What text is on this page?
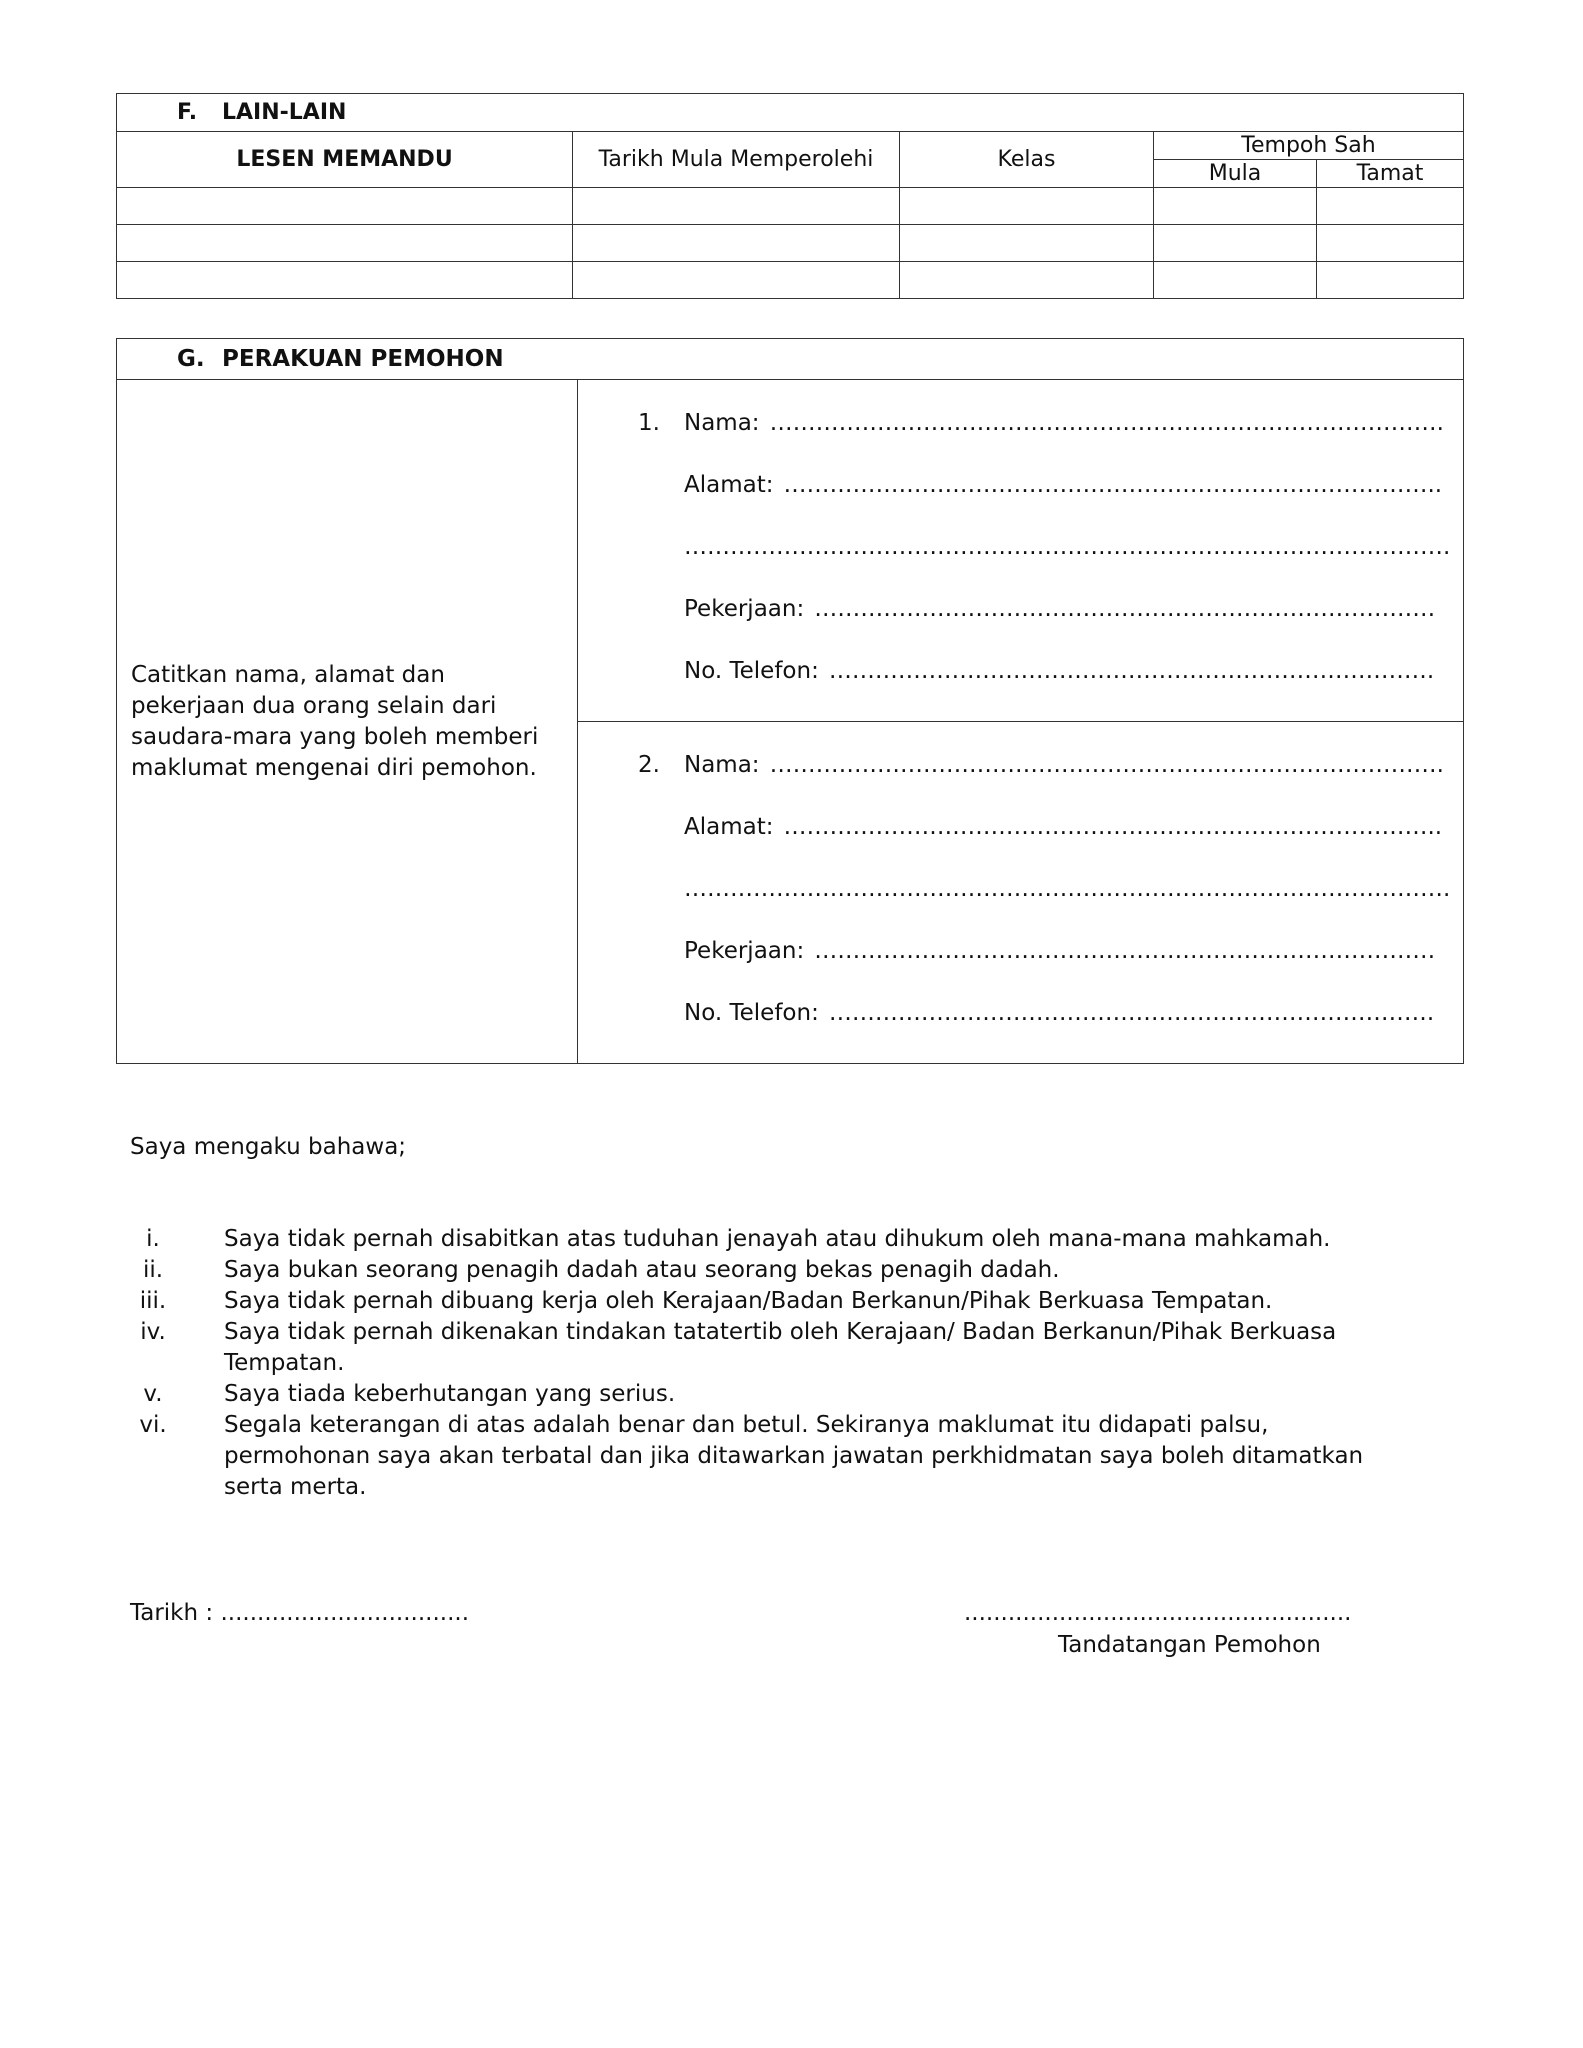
F. LAIN-LAIN				
LESEN MEMANDU	Tarikh Mula Memperolehi	Kelas	Tempoh Sah	
			Mula	Tamat

G. PERAKUAN PEMOHON
Catitkan nama, alamat dan pekerjaan dua orang selain dari saudara-mara yang boleh memberi maklumat mengenai diri pemohon.	
1. Nama: …………………………………………………………………………….
Alamat: …………………………………………………………………………..
……………………………………………………………………………………….
Pekerjaan: ………………………………………………………………………
No. Telefon: …………………………………………………………………….

2. Nama: …………………………………………………………………………….
Alamat: …………………………………………………………………………..
……………………………………………………………………………………….
Pekerjaan: ………………………………………………………………………
No. Telefon: …………………………………………………………………….
Saya mengaku bahawa;
i.	Saya tidak pernah disabitkan atas tuduhan jenayah atau dihukum oleh mana-mana mahkamah.
ii.	Saya bukan seorang penagih dadah atau seorang bekas penagih dadah.
iii.	Saya tidak pernah dibuang kerja oleh Kerajaan/Badan Berkanun/Pihak Berkuasa Tempatan.
iv.	Saya tidak pernah dikenakan tindakan tatatertib oleh Kerajaan/ Badan Berkanun/Pihak Berkuasa Tempatan.
v.	Saya tiada keberhutangan yang serius.
vi.	Segala keterangan di atas adalah benar dan betul. Sekiranya maklumat itu didapati palsu, permohonan saya akan terbatal dan jika ditawarkan jawatan perkhidmatan saya boleh ditamatkan serta merta.
Tarikh : ..................................	.....................................................
Tandatangan Pemohon
